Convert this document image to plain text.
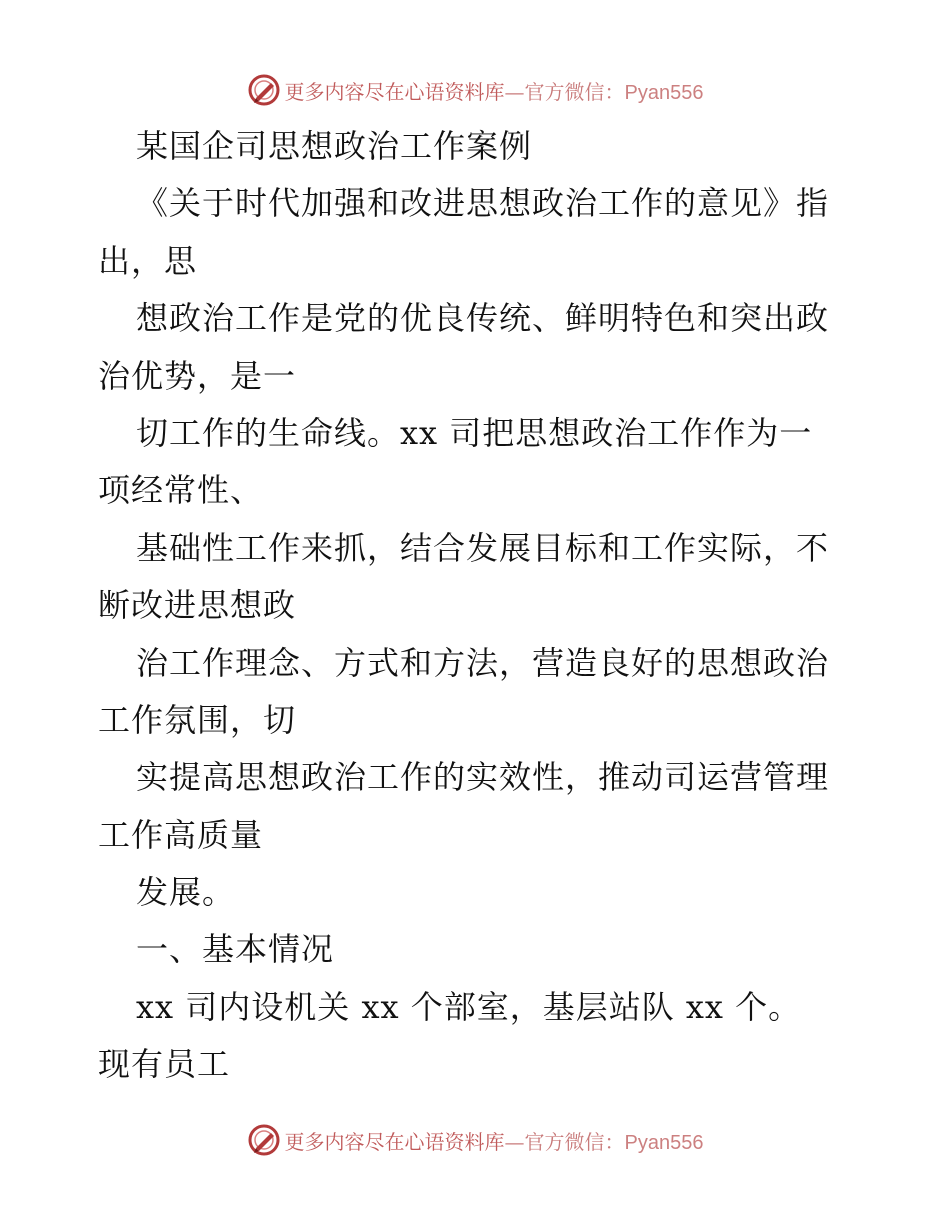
更多内容尽在心语资料库—官方微信：Pyan556
某国企司思想政治工作案例
《关于时代加强和改进思想政治工作的意见》指
出，思
想政治工作是党的优良传统、鲜明特色和突出政
治优势，是一
切工作的生命线。xx 司把思想政治工作作为一
项经常性、
基础性工作来抓，结合发展目标和工作实际，不
断改进思想政
治工作理念、方式和方法，营造良好的思想政治
工作氛围，切
实提高思想政治工作的实效性，推动司运营管理
工作高质量
发展。
一、基本情况
xx 司内设机关 xx 个部室，基层站队 xx 个。
现有员工
更多内容尽在心语资料库—官方微信：Pyan556
